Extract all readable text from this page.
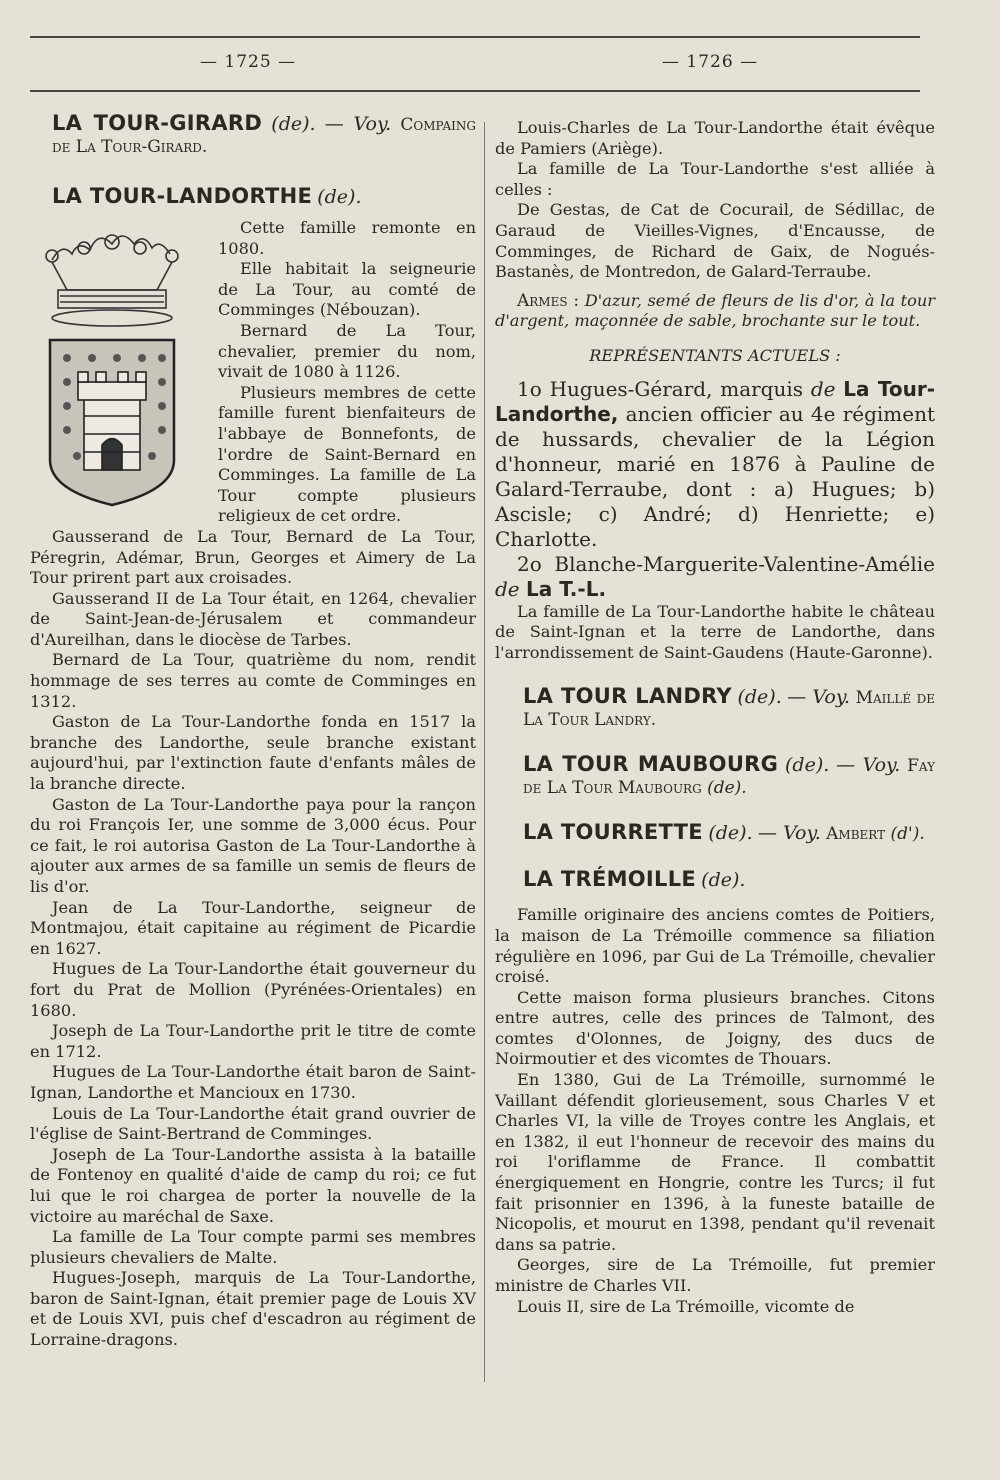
— 1725 —	— 1726 —

LA TOUR-GIRARD (de). — Voy. Compaing de La Tour-Girard.

LA TOUR-LANDORTHE (de).

Cette famille remonte en 1080.

Elle habitait la seigneurie de La Tour, au comté de Comminges (Nébouzan).

Bernard de La Tour, chevalier, premier du nom, vivait de 1080 à 1126.

Plusieurs membres de cette famille furent bienfaiteurs de l'abbaye de Bonnefonts, de l'ordre de Saint-Bernard en Comminges. La famille de La Tour compte plusieurs religieux de cet ordre.

Gausserand de La Tour, Bernard de La Tour, Péregrin, Adémar, Brun, Georges et Aimery de La Tour prirent part aux croisades.

Gausserand II de La Tour était, en 1264, chevalier de Saint-Jean-de-Jérusalem et commandeur d'Aureilhan, dans le diocèse de Tarbes.

Bernard de La Tour, quatrième du nom, rendit hommage de ses terres au comte de Comminges en 1312.

Gaston de La Tour-Landorthe fonda en 1517 la branche des Landorthe, seule branche existant aujourd'hui, par l'extinction faute d'enfants mâles de la branche directe.

Gaston de La Tour-Landorthe paya pour la rançon du roi François Ier, une somme de 3,000 écus. Pour ce fait, le roi autorisa Gaston de La Tour-Landorthe à ajouter aux armes de sa famille un semis de fleurs de lis d'or.

Jean de La Tour-Landorthe, seigneur de Montmajou, était capitaine au régiment de Picardie en 1627.

Hugues de La Tour-Landorthe était gouverneur du fort du Prat de Mollion (Pyrénées-Orientales) en 1680.

Joseph de La Tour-Landorthe prit le titre de comte en 1712.

Hugues de La Tour-Landorthe était baron de Saint-Ignan, Landorthe et Mancioux en 1730.

Louis de La Tour-Landorthe était grand ouvrier de l'église de Saint-Bertrand de Comminges.

Joseph de La Tour-Landorthe assista à la bataille de Fontenoy en qualité d'aide de camp du roi; ce fut lui que le roi chargea de porter la nouvelle de la victoire au maréchal de Saxe.

La famille de La Tour compte parmi ses membres plusieurs chevaliers de Malte.

Hugues-Joseph, marquis de La Tour-Landorthe, baron de Saint-Ignan, était premier page de Louis XV et de Louis XVI, puis chef d'escadron au régiment de Lorraine-dragons.

Louis-Charles de La Tour-Landorthe était évêque de Pamiers (Ariège).

La famille de La Tour-Landorthe s'est alliée à celles :

De Gestas, de Cat de Cocurail, de Sédillac, de Garaud de Vieilles-Vignes, d'Encausse, de Comminges, de Richard de Gaix, de Nogués-Bastanès, de Montredon, de Galard-Terraube.

Armes : D'azur, semé de fleurs de lis d'or, à la tour d'argent, maçonnée de sable, brochante sur le tout.

REPRÉSENTANTS ACTUELS :

1o Hugues-Gérard, marquis de La Tour-Landorthe, ancien officier au 4e régiment de hussards, chevalier de la Légion d'honneur, marié en 1876 à Pauline de Galard-Terraube, dont : a) Hugues; b) Ascisle; c) André; d) Henriette; e) Charlotte.

2o Blanche-Marguerite-Valentine-Amélie de La T.-L.

La famille de La Tour-Landorthe habite le château de Saint-Ignan et la terre de Landorthe, dans l'arrondissement de Saint-Gaudens (Haute-Garonne).

LA TOUR LANDRY (de). — Voy. Maillé de La Tour Landry.

LA TOUR MAUBOURG (de). — Voy. Fay de La Tour Maubourg (de).

LA TOURRETTE (de). — Voy. Ambert (d').

LA TRÉMOILLE (de).

Famille originaire des anciens comtes de Poitiers, la maison de La Trémoille commence sa filiation régulière en 1096, par Gui de La Trémoille, chevalier croisé.

Cette maison forma plusieurs branches. Citons entre autres, celle des princes de Talmont, des comtes d'Olonnes, de Joigny, des ducs de Noirmoutier et des vicomtes de Thouars.

En 1380, Gui de La Trémoille, surnommé le Vaillant défendit glorieusement, sous Charles V et Charles VI, la ville de Troyes contre les Anglais, et en 1382, il eut l'honneur de recevoir des mains du roi l'oriflamme de France. Il combattit énergiquement en Hongrie, contre les Turcs; il fut fait prisonnier en 1396, à la funeste bataille de Nicopolis, et mourut en 1398, pendant qu'il revenait dans sa patrie.

Georges, sire de La Trémoille, fut premier ministre de Charles VII.

Louis II, sire de La Trémoille, vicomte de
